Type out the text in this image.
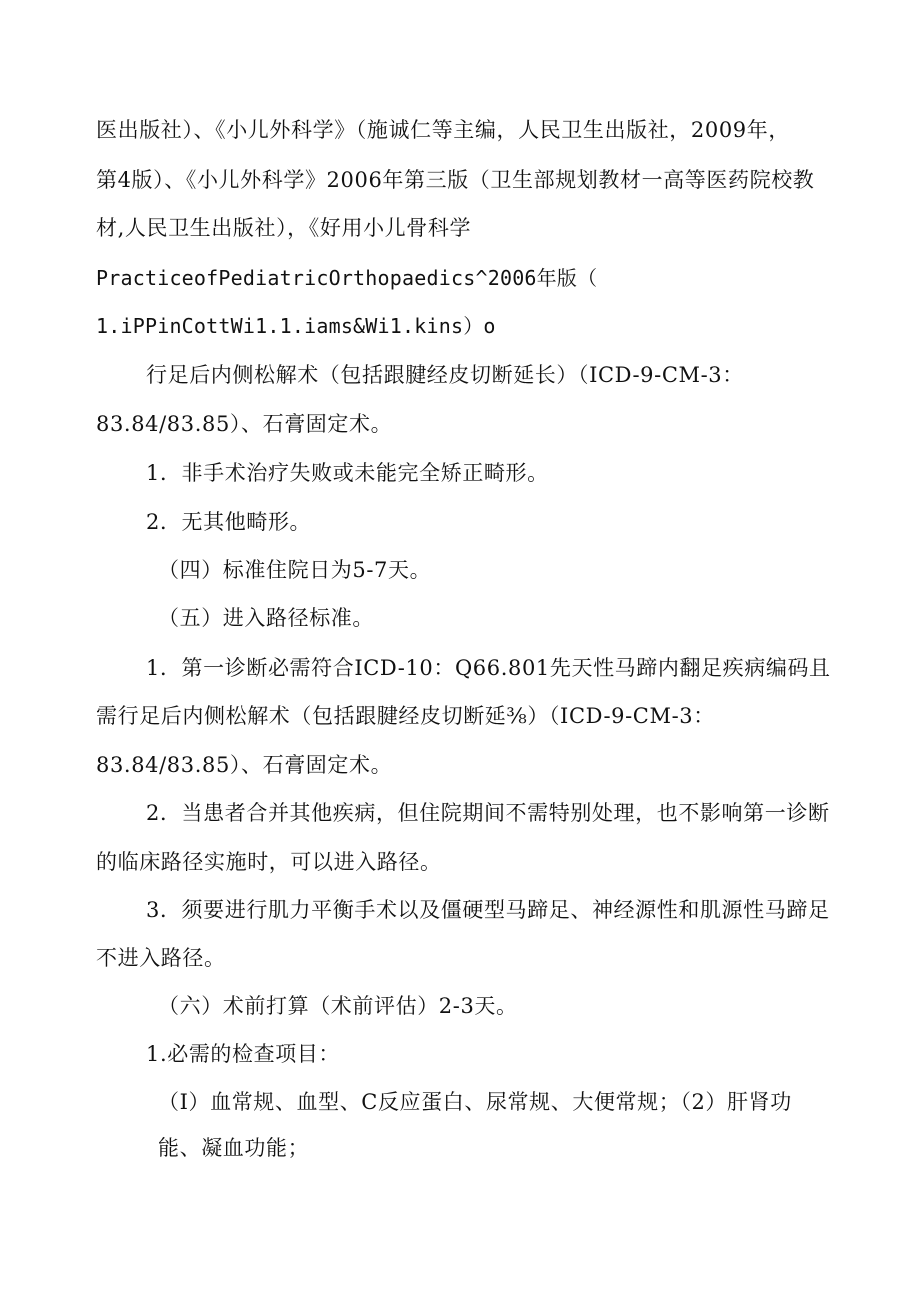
医出版社）、《小儿外科学》（施诚仁等主编，人民卫生出版社，2009年，
第4版）、《小儿外科学》2006年第三版（卫生部规划教材一高等医药院校教
材,人民卫生出版社），《好用小儿骨科学
PracticeofPediatricOrthopaedics^2006年版（
1.iPPinCottWi1.1.iams&Wi1.kins）o
行足后内侧松解术（包括跟腱经皮切断延长）（ICD-9-CM-3：
83.84/83.85）、石膏固定术。
1．非手术治疗失败或未能完全矫正畸形。
2．无其他畸形。
（四）标准住院日为5-7天。
（五）进入路径标准。
1．第一诊断必需符合ICD-10：Q66.801先天性马蹄内翻足疾病编码且
需行足后内侧松解术（包括跟腱经皮切断延⅜）（ICD-9-CM-3：
83.84/83.85）、石膏固定术。
2．当患者合并其他疾病，但住院期间不需特别处理，也不影响第一诊断
的临床路径实施时，可以进入路径。
3．须要进行肌力平衡手术以及僵硬型马蹄足、神经源性和肌源性马蹄足
不进入路径。
（六）术前打算（术前评估）2-3天。
1.必需的检查项目：
（I）血常规、血型、C反应蛋白、尿常规、大便常规；（2）肝肾功
能、凝血功能；
